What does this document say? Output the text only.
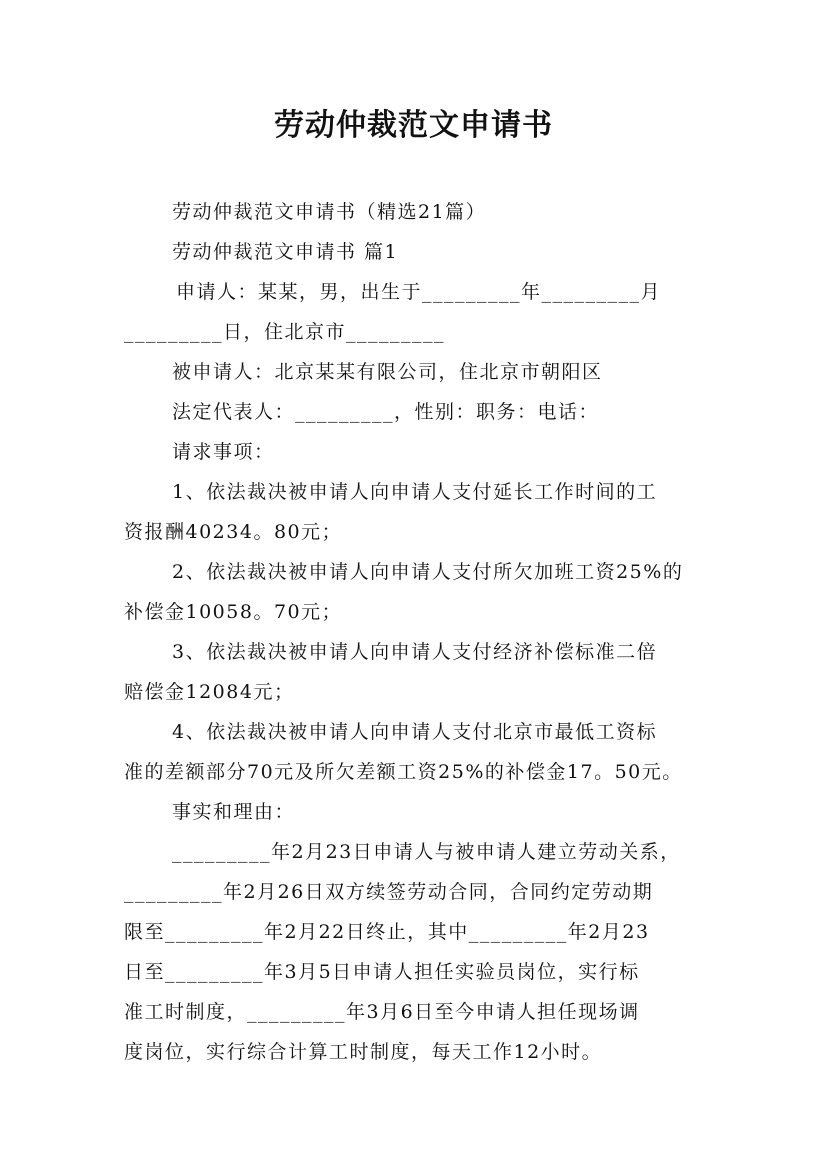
劳动仲裁范文申请书
劳动仲裁范文申请书（精选21篇）
劳动仲裁范文申请书 篇1
申请人：某某，男，出生于_________年_________月
_________日，住北京市_________
被申请人：北京某某有限公司，住北京市朝阳区
法定代表人：_________，性别：职务：电话：
请求事项：
1、依法裁决被申请人向申请人支付延长工作时间的工
资报酬40234。80元；
2、依法裁决被申请人向申请人支付所欠加班工资25%的
补偿金10058。70元；
3、依法裁决被申请人向申请人支付经济补偿标准二倍
赔偿金12084元；
4、依法裁决被申请人向申请人支付北京市最低工资标
准的差额部分70元及所欠差额工资25%的补偿金17。50元。
事实和理由：
_________年2月23日申请人与被申请人建立劳动关系，
_________年2月26日双方续签劳动合同，合同约定劳动期
限至_________年2月22日终止，其中_________年2月23
日至_________年3月5日申请人担任实验员岗位，实行标
准工时制度，_________年3月6日至今申请人担任现场调
度岗位，实行综合计算工时制度，每天工作12小时。
